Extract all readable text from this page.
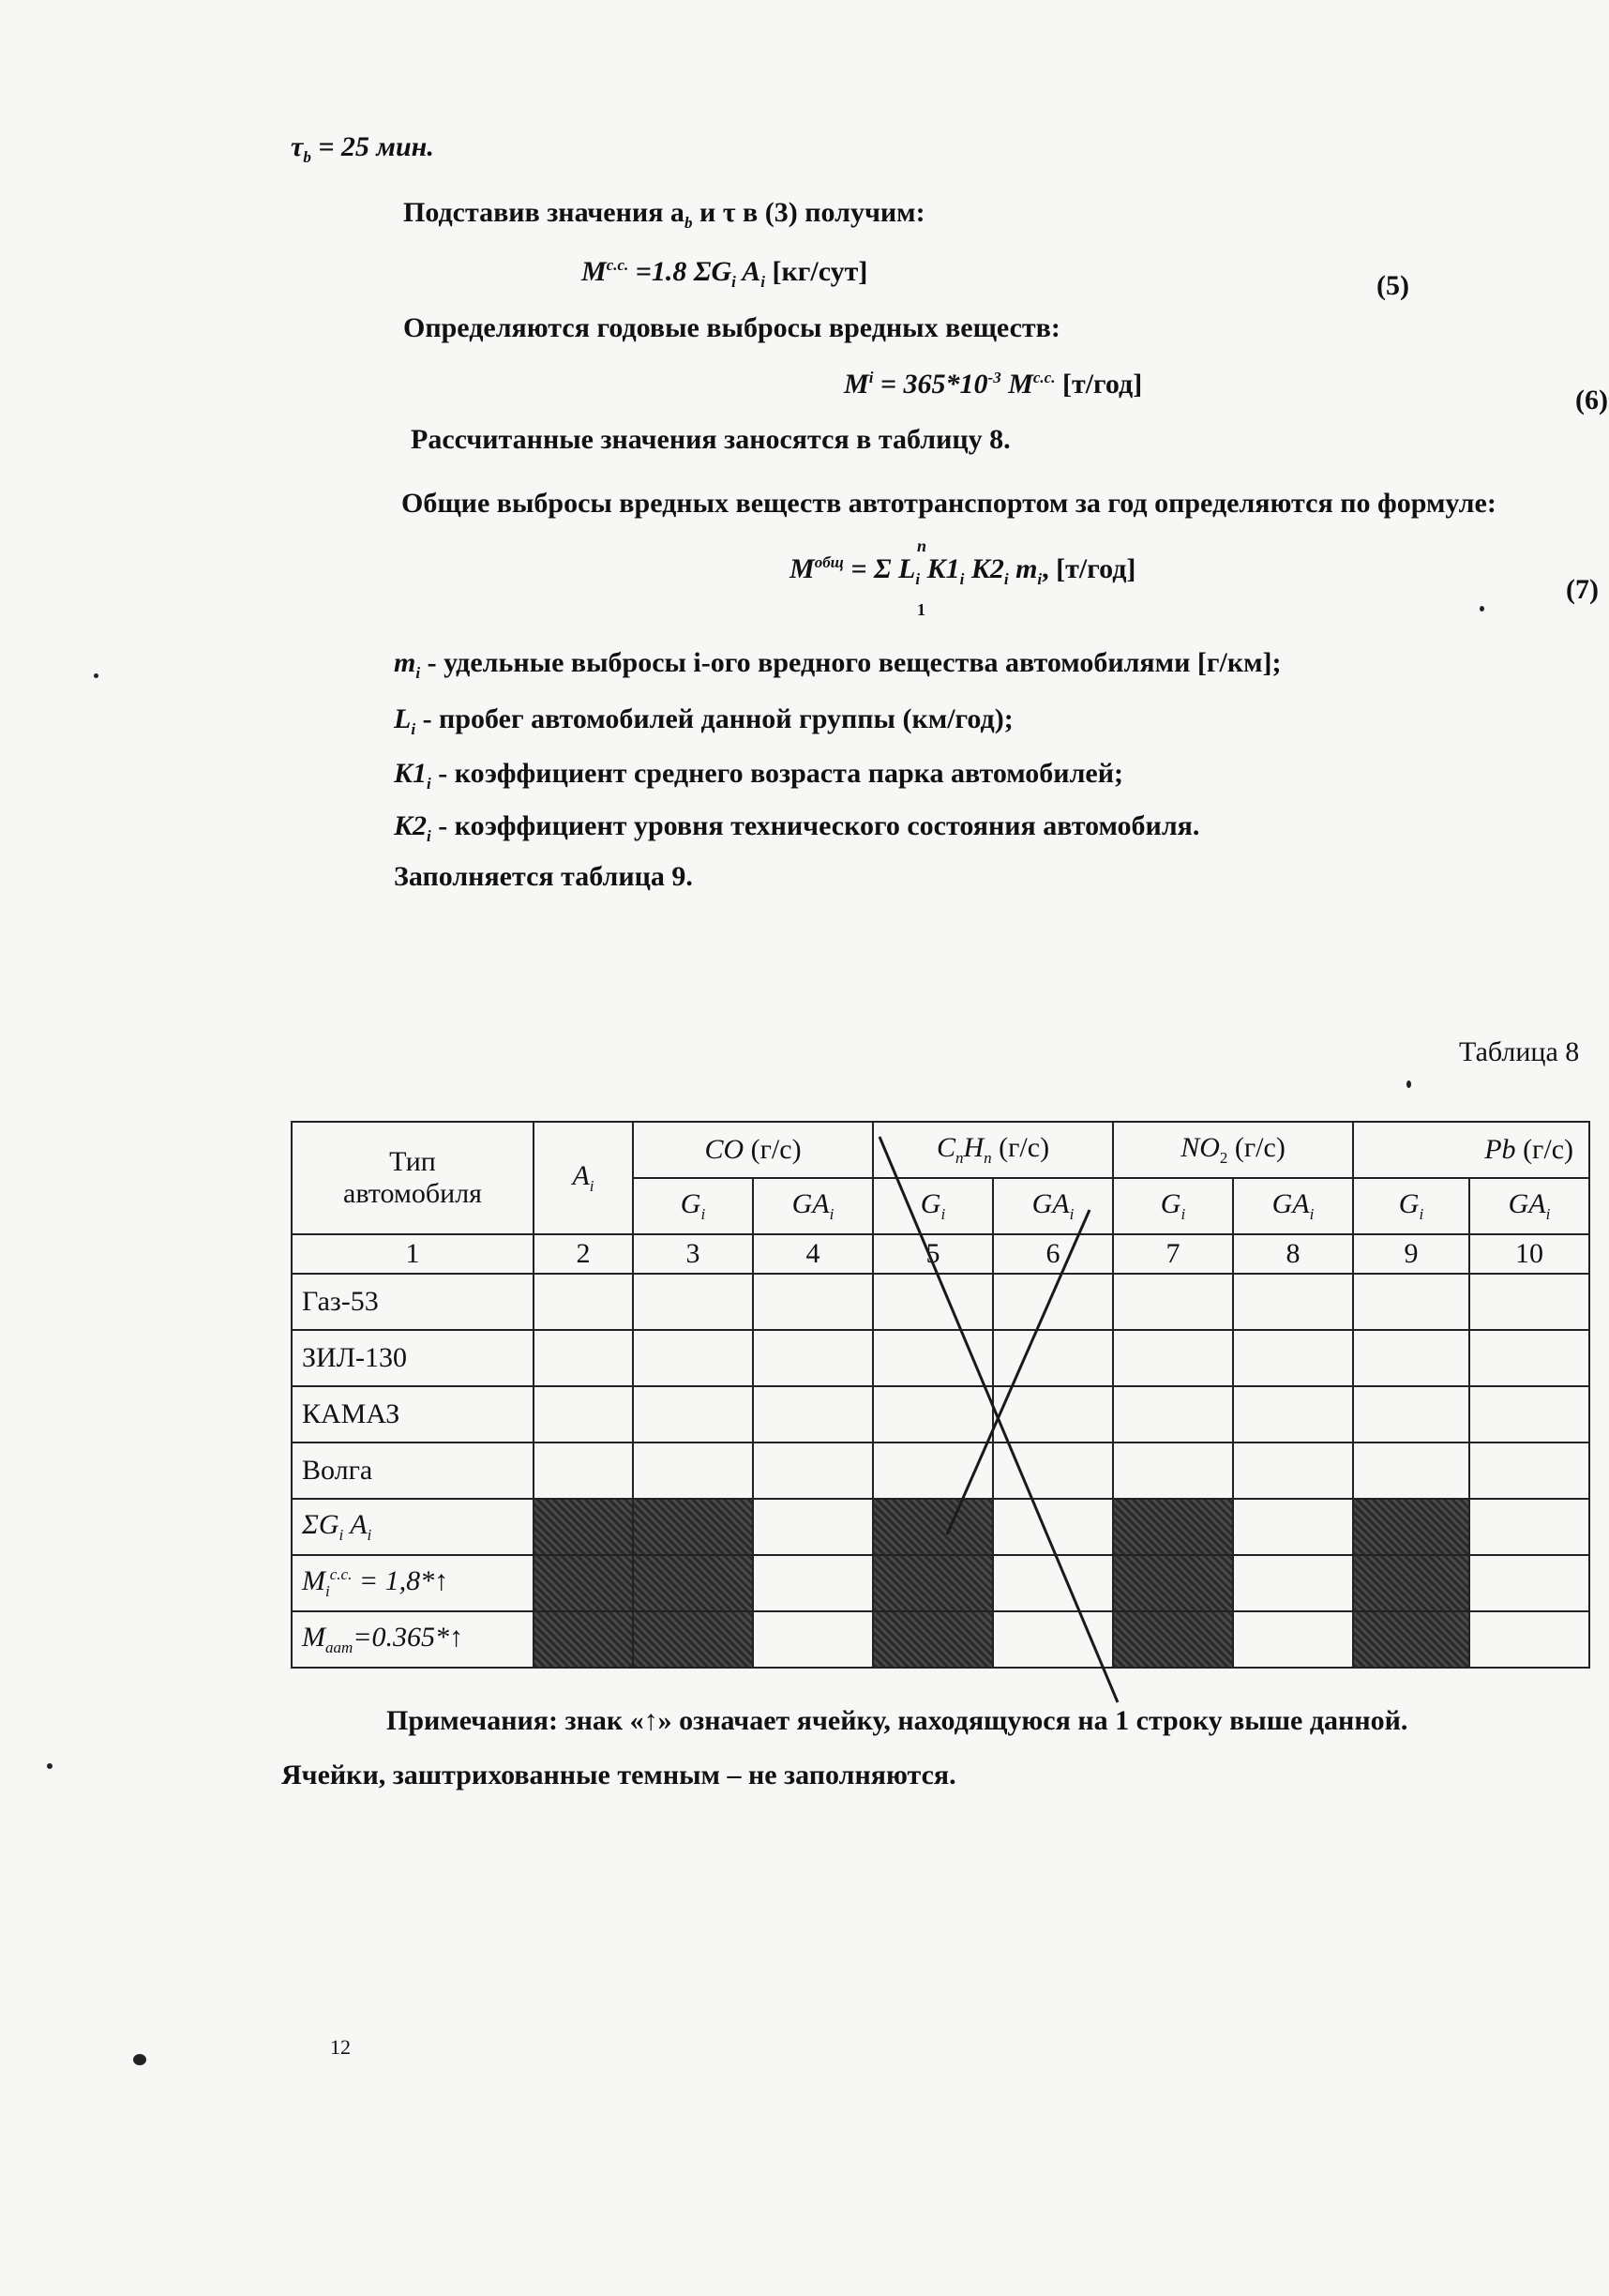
$\tau_b = 25$ мин.
Подставив значения $a_b$ и τ в (3) получим:
$M^{c.c.} =1.8$ $\Sigma G_i$ $A_i$ [кг/сут]	(5)
Определяются годовые выбросы вредных веществ:
$M^i = 365*10^{-3}$ $M^{c.c.}$ [т/год]
(6)
Рассчитанные значения заносятся в таблицу 8.
Общие выбросы вредных веществ автотранспортом за год определяются по формуле:
$M^{общ} = \Sigma$ $L_i$ $K1_i$ $K2_i$ $m_i$, [т/год]
n
1
(7)
$m_i$ - удельные выбросы i-ого вредного вещества автомобилями [г/км];
$L_i$ - пробег автомобилей данной группы (км/год);
$K1_i$ - коэффициент среднего возраста парка автомобилей;
$K2_i$ - коэффициент уровня технического состояния автомобиля.
Заполняется таблица 9.
Таблица 8
Тип
автомобиля	$A_i$	CO (г/с)		$C_nH_n$ (г/с)		$NO_2$ (г/с)		Pb (г/с)	
		$G_i$	$GA_i$	$G_i$	$GA_i$	$G_i$	$GA_i$	$G_i$	$GA_i$
1	2	3	4	5	6	7	8	9	10
Газ-53									
ЗИЛ-130									
КАМАЗ									
Волга									
$\Sigma G_i$ $A_i$									
$M_i^{c.c.}$ = 1,8*↑									
$M_{aam}=0.365*↑$									
Примечания: знак «↑» означает ячейку, находящуюся на 1 строку выше данной.
Ячейки, заштрихованные темным – не заполняются.
12
